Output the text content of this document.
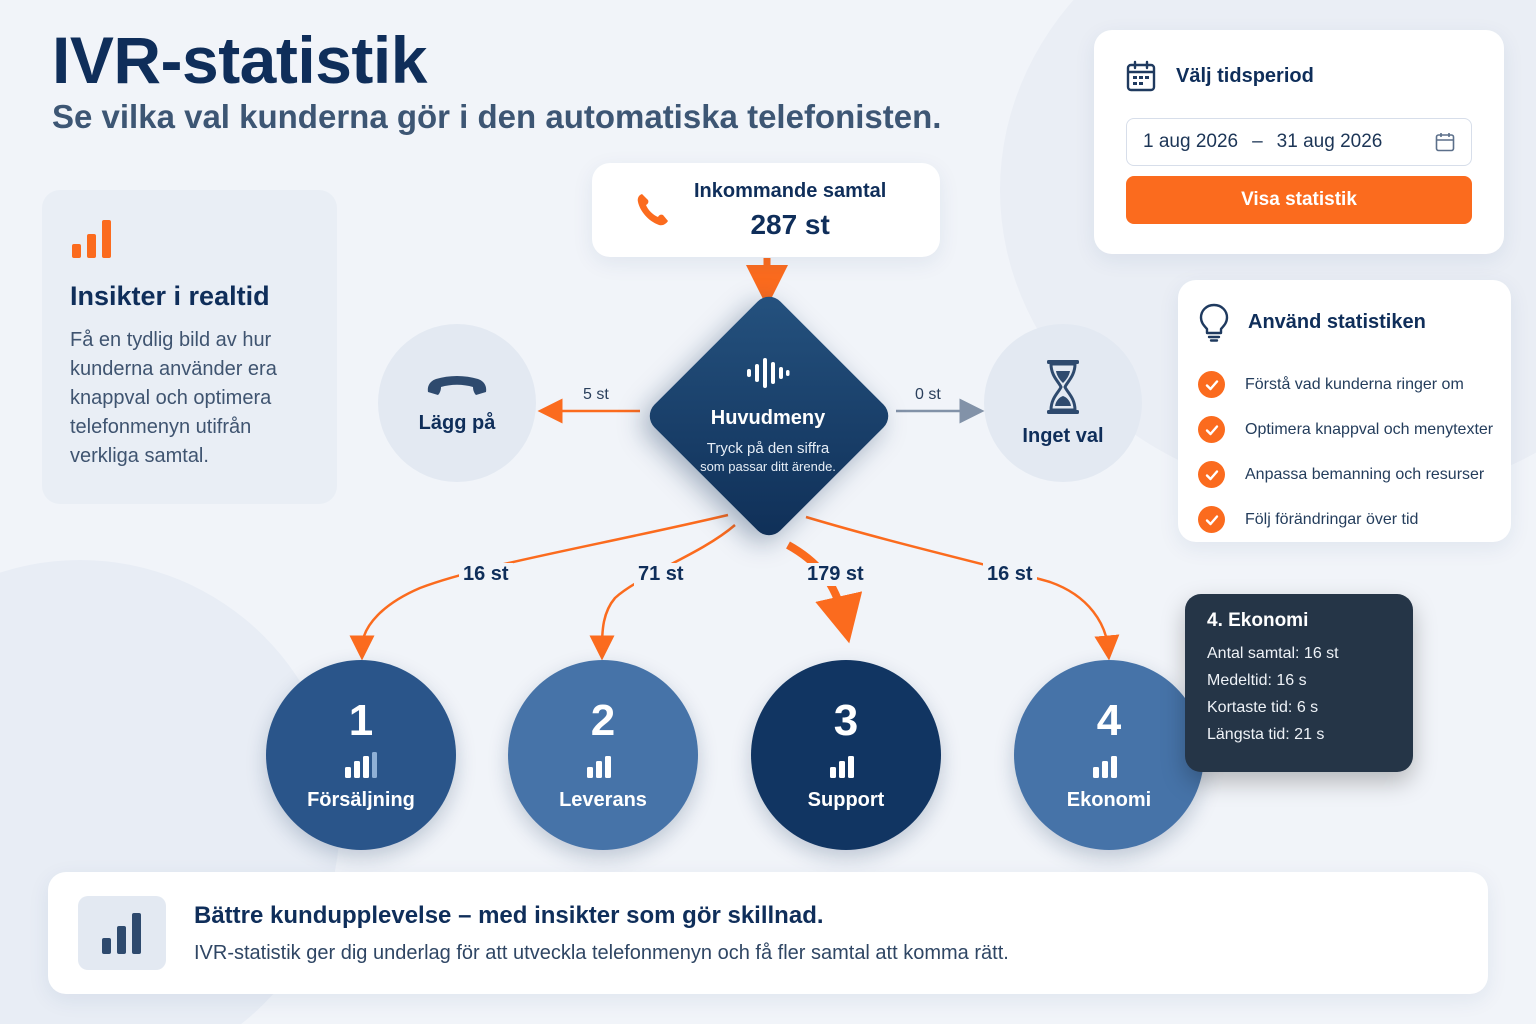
IVR-statistik
Se vilka val kunderna gör i den automatiska telefonisten.
Insikter i realtid

Få en tydlig bild av hur kunderna använder era knappval och optimera telefonmenyn utifrån verkliga samtal.

Välj tidsperiod
1 aug 2026 – 31 aug 2026
Visa statistik
Använd statistiken
Förstå vad kunderna ringer om
Optimera knappval och menytexter
Anpassa bemanning och resurser
Följ förändringar över tid
Inkommande samtal
287 st
Huvudmeny
Tryck på den siffra
som passar ditt ärende.
Lägg på
5 st
Inget val
0 st
16 st	71 st	179 st	16 st
1
Försäljning
2
Leverans
3
Support
4
Ekonomi
4. Ekonomi
Antal samtal: 16 st
Medeltid: 16 s
Kortaste tid: 6 s
Längsta tid: 21 s
Bättre kundupplevelse – med insikter som gör skillnad.
IVR-statistik ger dig underlag för att utveckla telefonmenyn och få fler samtal att komma rätt.
